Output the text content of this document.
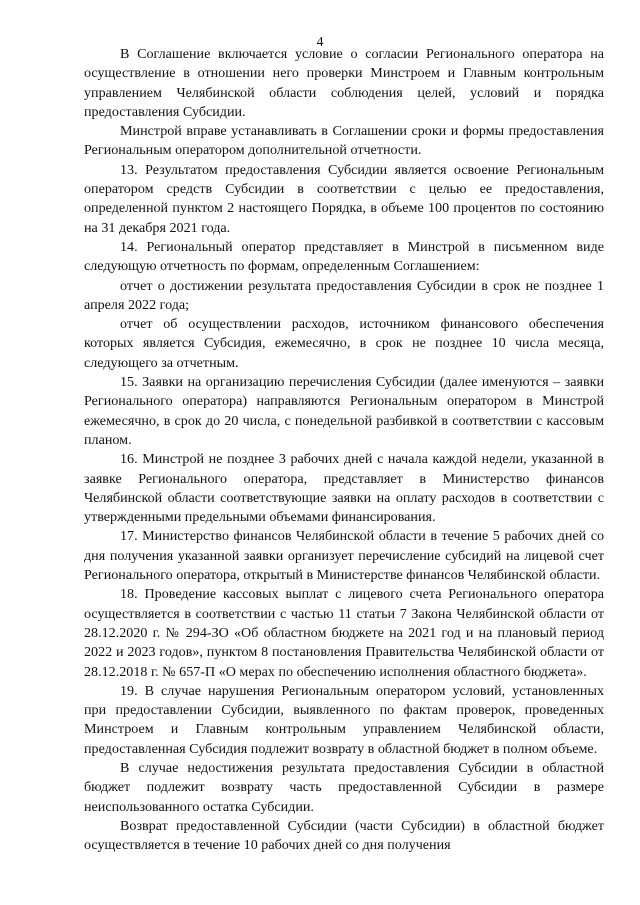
4

В Соглашение включается условие о согласии Регионального оператора на осуществление в отношении него проверки Минстроем и Главным контрольным управлением Челябинской области соблюдения целей, условий и порядка предоставления Субсидии.

Минстрой вправе устанавливать в Соглашении сроки и формы предоставления Региональным оператором дополнительной отчетности.

13. Результатом предоставления Субсидии является освоение Региональным оператором средств Субсидии в соответствии с целью ее предоставления, определенной пунктом 2 настоящего Порядка, в объеме 100 процентов по состоянию на 31 декабря 2021 года.

14. Региональный оператор представляет в Минстрой в письменном виде следующую отчетность по формам, определенным Соглашением:

отчет о достижении результата предоставления Субсидии в срок не позднее 1 апреля 2022 года;

отчет об осуществлении расходов, источником финансового обеспечения которых является Субсидия, ежемесячно, в срок не позднее 10 числа месяца, следующего за отчетным.

15. Заявки на организацию перечисления Субсидии (далее именуются – заявки Регионального оператора) направляются Региональным оператором в Минстрой ежемесячно, в срок до 20 числа, с понедельной разбивкой в соответствии с кассовым планом.

16. Минстрой не позднее 3 рабочих дней с начала каждой недели, указанной в заявке Регионального оператора, представляет в Министерство финансов Челябинской области соответствующие заявки на оплату расходов в соответствии с утвержденными предельными объемами финансирования.

17. Министерство финансов Челябинской области в течение 5 рабочих дней со дня получения указанной заявки организует перечисление субсидий на лицевой счет Регионального оператора, открытый в Министерстве финансов Челябинской области.

18. Проведение кассовых выплат с лицевого счета Регионального оператора осуществляется в соответствии с частью 11 статьи 7 Закона Челябинской области от 28.12.2020 г. № 294-ЗО «Об областном бюджете на 2021 год и на плановый период 2022 и 2023 годов», пунктом 8 постановления Правительства Челябинской области от 28.12.2018 г. № 657-П «О мерах по обеспечению исполнения областного бюджета».

19. В случае нарушения Региональным оператором условий, установленных при предоставлении Субсидии, выявленного по фактам проверок, проведенных Минстроем и Главным контрольным управлением Челябинской области, предоставленная Субсидия подлежит возврату в областной бюджет в полном объеме.

В случае недостижения результата предоставления Субсидии в областной бюджет подлежит возврату часть предоставленной Субсидии в размере неиспользованного остатка Субсидии.

Возврат предоставленной Субсидии (части Субсидии) в областной бюджет осуществляется в течение 10 рабочих дней со дня получения
